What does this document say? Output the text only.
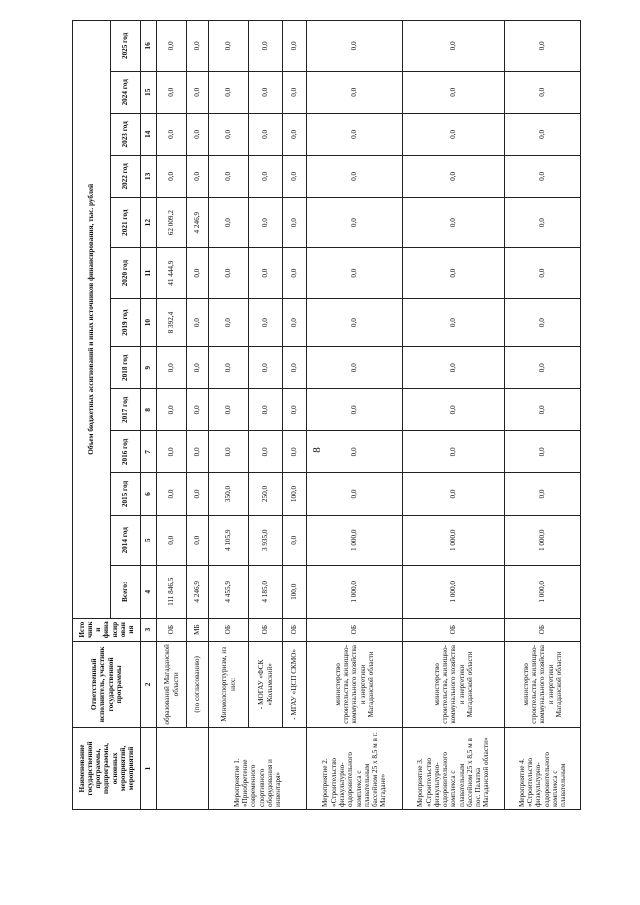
8
Наименование государственной программы, подпрограммы, основных мероприятий, мероприятий	Ответственный исполнитель, участник государственной программы	Источники финансирования	Объем бюджетных ассигнований и иных источников финансирования, тыс. рублей												
			Всего:	2014 год	2015 год	2016 год	2017 год	2018 год	2019 год	2020 год	2021 год	2022 год	2023 год	2024 год	2025 год
1	2	3	4	5	6	7	8	9	10	11	12	13	14	15	16
	образований Магаданской области	ОБ	111 846,5	0,0	0,0	0,0	0,0	0,0	8 392,4	41 444,9	62 009,2	0,0	0,0	0,0	0,0
	(по согласованию)	МБ	4 246,9	0,0	0,0	0,0	0,0	0,0	0,0	0,0	4 246,9	0,0	0,0	0,0	0,0
Мероприятие 1. «Приобретение современного спортивного оборудования и инвентаря»	Минмолспорттуризм, из них:	ОБ	4 455,9	4 105,9	350,0	0,0	0,0	0,0	0,0	0,0	0,0	0,0	0,0	0,0	0,0
	- МОГАУ «ФСК «Колымский»	ОБ	4 185,0	3 935,0	250,0	0,0	0,0	0,0	0,0	0,0	0,0	0,0	0,0	0,0	0,0
	- МГАУ «ЦСП СКМО»	ОБ	100,0	0,0	100,0	0,0	0,0	0,0	0,0	0,0	0,0	0,0	0,0	0,0	0,0
Мероприятие 2. «Строительство физкультурно-оздоровительного комплекса с плавательным бассейном 25 х 8,5 м в г. Магадане»	министерство строительства, жилищно-коммунального хозяйства и энергетики Магаданской области	ОБ	1 000,0	1 000,0	0,0	0,0	0,0	0,0	0,0	0,0	0,0	0,0	0,0	0,0	0,0
Мероприятие 3. «Строительство физкультурно-оздоровительного комплекса с плавательным бассейном 25 х 8,5 м в пос. Палатка Магаданской области»	министерство строительства, жилищно-коммунального хозяйства и энергетики Магаданской области	ОБ	1 000,0	1 000,0	0,0	0,0	0,0	0,0	0,0	0,0	0,0	0,0	0,0	0,0	0,0
Мероприятие 4. «Строительство физкультурно-оздоровительного комплекса с плавательным	министерство строительства, жилищно-коммунального хозяйства и энергетики Магаданской области	ОБ	1 000,0	1 000,0	0,0	0,0	0,0	0,0	0,0	0,0	0,0	0,0	0,0	0,0	0,0
